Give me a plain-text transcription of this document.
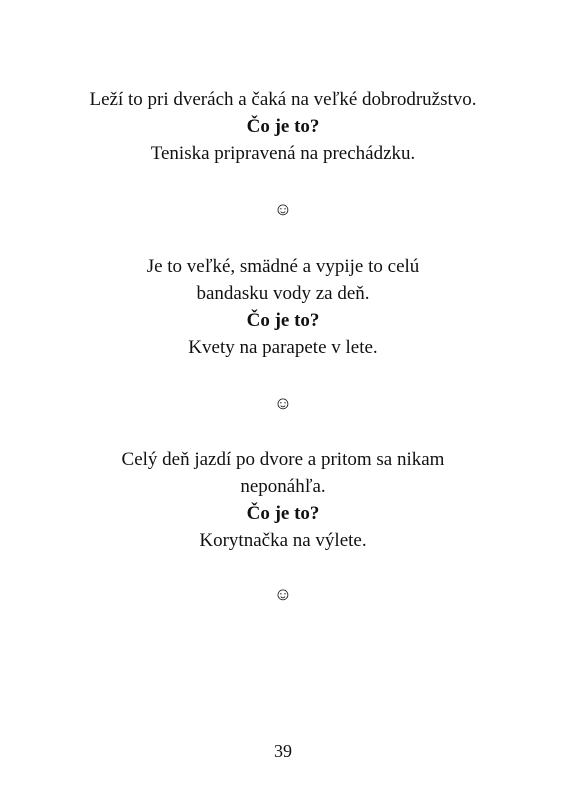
Leží to pri dverách a čaká na veľké dobrodružstvo.
Čo je to?
Teniska pripravená na prechádzku.
☺
Je to veľké, smädné a vypije to celú
bandasku vody za deň.
Čo je to?
Kvety na parapete v lete.
☺
Celý deň jazdí po dvore a pritom sa nikam
neponáhľa.
Čo je to?
Korytnačka na výlete.
☺
39
